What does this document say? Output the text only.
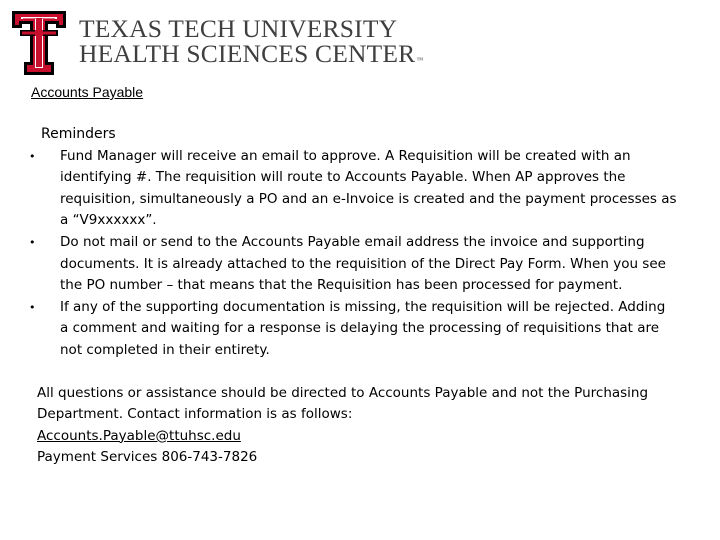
TEXAS TECH UNIVERSITY
HEALTH SCIENCES CENTER™
Accounts Payable
Reminders
• Fund Manager will receive an email to approve. A Requisition will be created with an identifying #. The requisition will route to Accounts Payable. When AP approves the requisition, simultaneously a PO and an e-Invoice is created and the payment processes as a “V9xxxxxx”.
• Do not mail or send to the Accounts Payable email address the invoice and supporting documents. It is already attached to the requisition of the Direct Pay Form. When you see the PO number – that means that the Requisition has been processed for payment.
• If any of the supporting documentation is missing, the requisition will be rejected. Adding a comment and waiting for a response is delaying the processing of requisitions that are not completed in their entirety.
All questions or assistance should be directed to Accounts Payable and not the Purchasing Department. Contact information is as follows:
Accounts.Payable@ttuhsc.edu
Payment Services 806-743-7826
